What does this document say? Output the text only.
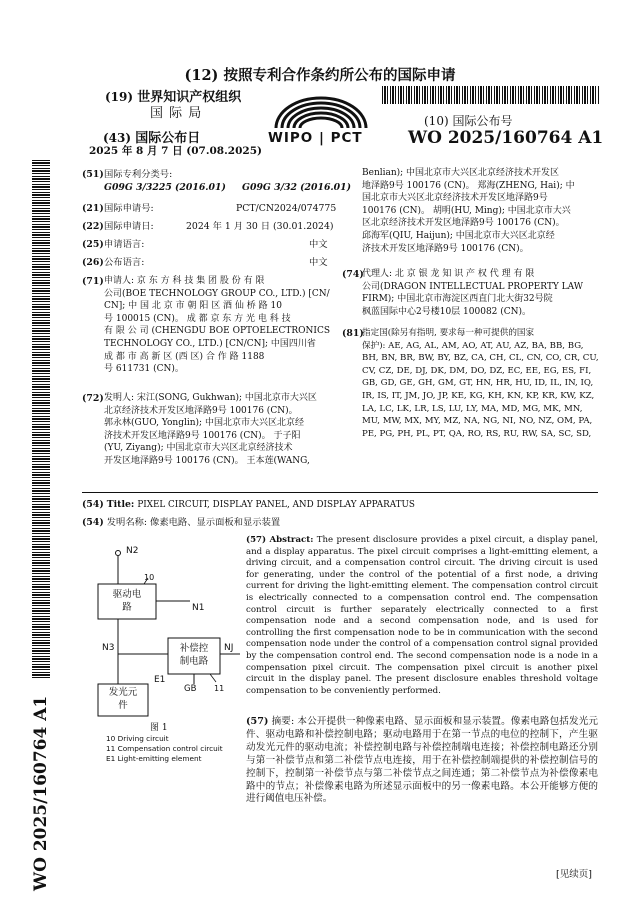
(12) 按照专利合作条约所公布的国际申请
(19) 世界知识产权组织
国 际 局
WIPO | PCT
(43) 国际公布日
2025 年 8 月 7 日 (07.08.2025)
(10) 国际公布号
WO 2025/160764 A1
(51) 国际专利分类号:
G09G 3/3225 (2016.01)     G09G 3/32 (2016.01)
(21) 国际申请号:	PCT/CN2024/074775
(22) 国际申请日:	2024 年 1 月 30 日 (30.01.2024)
(25) 申请语言:	中文
(26) 公布语言:	中文
(71) 申请人: 京 东 方 科 技 集 团 股 份 有 限
公司(BOE TECHNOLOGY GROUP CO., LTD.) [CN/
CN]; 中 国 北 京 市 朝 阳 区 酒 仙 桥 路 10
号 100015 (CN)。 成 都 京 东 方 光 电 科 技
有 限 公 司 (CHENGDU BOE OPTOELECTRONICS
TECHNOLOGY CO., LTD.) [CN/CN]; 中国四川省
成 都 市 高 新 区 (西 区) 合 作 路 1188
号 611731 (CN)。
(72) 发明人: 宋江(SONG, Gukhwan); 中国北京市大兴区
北京经济技术开发区地泽路9号 100176 (CN)。
郭永林(GUO, Yonglin); 中国北京市大兴区北京经
济技术开发区地泽路9号 100176 (CN)。 于子阳
(YU, Ziyang); 中国北京市大兴区北京经济技术
开发区地泽路9号 100176 (CN)。 王本莲(WANG,
Benlian); 中国北京市大兴区北京经济技术开发区
地泽路9号 100176 (CN)。 郑海(ZHENG, Hai); 中
国北京市大兴区北京经济技术开发区地泽路9号
100176 (CN)。 胡明(HU, Ming); 中国北京市大兴
区北京经济技术开发区地泽路9号 100176 (CN)。
邱海军(QIU, Haijun); 中国北京市大兴区北京经
济技术开发区地泽路9号 100176 (CN)。
(74)
代理人: 北 京 银 龙 知 识 产 权 代 理 有 限
公司(DRAGON INTELLECTUAL PROPERTY LAW
FIRM); 中国北京市海淀区西直门北大街32号院
枫蓝国际中心2号楼10层 100082 (CN)。
(81)
指定国(除另有指明, 要求每一种可提供的国家
保护): AE, AG, AL, AM, AO, AT, AU, AZ, BA, BB, BG,
BH, BN, BR, BW, BY, BZ, CA, CH, CL, CN, CO, CR, CU,
CV, CZ, DE, DJ, DK, DM, DO, DZ, EC, EE, EG, ES, FI,
GB, GD, GE, GH, GM, GT, HN, HR, HU, ID, IL, IN, IQ,
IR, IS, IT, JM, JO, JP, KE, KG, KH, KN, KP, KR, KW, KZ,
LA, LC, LK, LR, LS, LU, LY, MA, MD, MG, MK, MN,
MU, MW, MX, MY, MZ, NA, NG, NI, NO, NZ, OM, PA,
PE, PG, PH, PL, PT, QA, RO, RS, RU, RW, SA, SC, SD,
WO 2025/160764 A1
(54) Title: PIXEL CIRCUIT, DISPLAY PANEL, AND DISPLAY APPARATUS
(54) 发明名称: 像素电路、显示面板和显示装置
N2
10
驱动电
路	N1
N3	补偿控
制电路
NJ
E1
发光元
件
GB 11
图 1
10 Driving circuit
11 Compensation control circuit
E1 Light-emitting element
(57) Abstract: The present disclosure provides a pixel circuit, a display panel, and a display apparatus. The pixel circuit comprises a light-emitting element, a driving circuit, and a compensation control circuit. The driving circuit is used for generating, under the control of the potential of a first node, a driving current for driving the light-emitting element. The compensation control circuit is electrically connected to a compensation control end. The compensation control circuit is further separately electrically connected to a first compensation node and a second compensation node, and is used for controlling the first compensation node to be in communication with the second compensation node under the control of a compensation control signal provided by the compensation control end. The second compensation node is a node in a compensation pixel circuit. The compensation pixel circuit is another pixel circuit in the display panel. The present disclosure enables threshold voltage compensation to be conveniently performed.
(57) 摘要: 本公开提供一种像素电路、显示面板和显示装置。像素电路包括发光元件、驱动电路和补偿控制电路；驱动电路用于在第一节点的电位的控制下，产生驱动发光元件的驱动电流；补偿控制电路与补偿控制端电连接；补偿控制电路还分别与第一补偿节点和第二补偿节点电连接，用于在补偿控制端提供的补偿控制信号的控制下，控制第一补偿节点与第二补偿节点之间连通；第二补偿节点为补偿像素电路中的节点；补偿像素电路为所述显示面板中的另一像素电路。本公开能够方便的进行阈值电压补偿。
[见续页]
